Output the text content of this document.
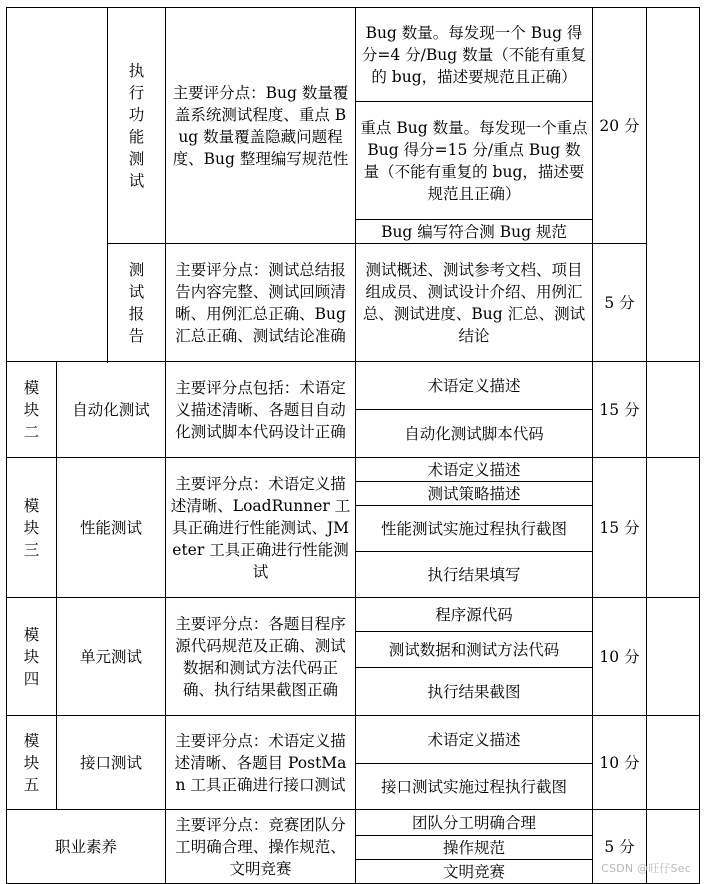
		执行功能测试	主要评分点：Bug 数量覆盖系统测试程度、重点 Bug 数量覆盖隐藏问题程度、Bug 整理编写规范性	Bug 数量。每发现一个 Bug 得分=4 分/Bug 数量（不能有重复的 bug，描述要规范且正确）	20 分	
				重点 Bug 数量。每发现一个重点 Bug 得分=15 分/重点 Bug 数量（不能有重复的 bug，描述要规范且正确）		
				Bug 编写符合测 Bug 规范		
		测试报告	主要评分点：测试总结报告内容完整、测试回顾清晰、用例汇总正确、Bug 汇总正确、测试结论准确	测试概述、测试参考文档、项目组成员、测试设计介绍、用例汇总、测试进度、Bug 汇总、测试结论	5 分	

模块二	自动化测试		主要评分点包括：术语定义描述清晰、各题目自动化测试脚本代码设计正确	术语定义描述	15 分	
				自动化测试脚本代码		
模块三	性能测试		主要评分点：术语定义描述清晰、LoadRunner 工具正确进行性能测试、JMeter 工具正确进行性能测试	术语定义描述	15 分	
				测试策略描述		
				性能测试实施过程执行截图		
				执行结果填写		
模块四	单元测试		主要评分点：各题目程序源代码规范及正确、测试数据和测试方法代码正确、执行结果截图正确	程序源代码	10 分	
				测试数据和测试方法代码		
				执行结果截图		
模块五	接口测试		主要评分点：术语定义描述清晰、各题目 PostMan 工具正确进行接口测试	术语定义描述	10 分	
				接口测试实施过程执行截图		
职业素养			主要评分点：竞赛团队分工明确合理、操作规范、文明竞赛	团队分工明确合理	5 分	
				操作规范		
				文明竞赛			CSDN @旺仔Sec
